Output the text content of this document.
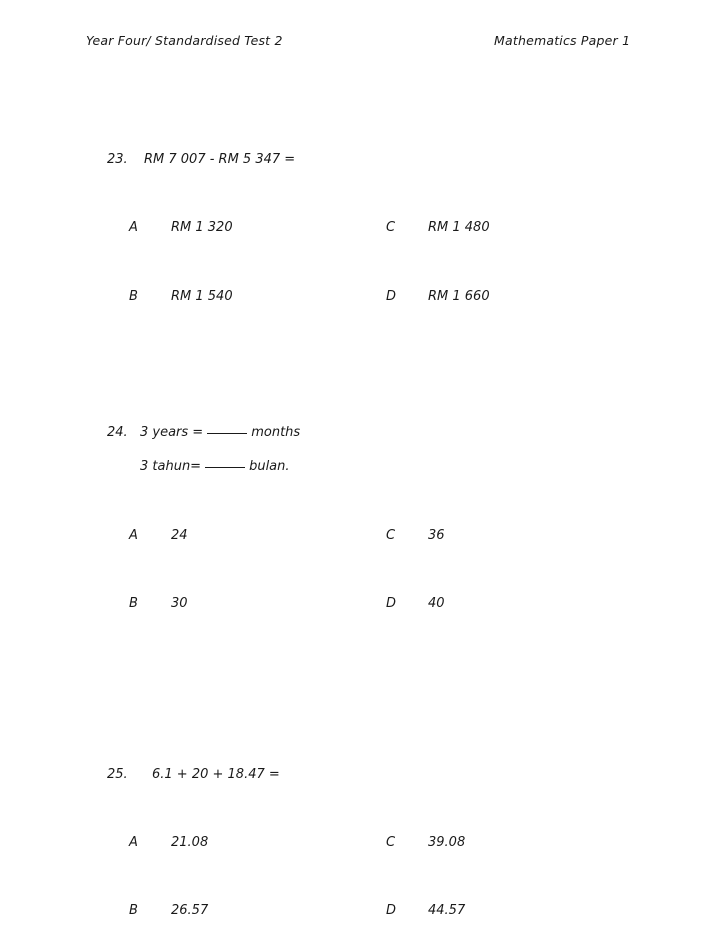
Year Four/ Standardised Test 2	Mathematics Paper 1
23. RM 7 007 - RM 5 347 =
A	RM 1 320	C	RM 1 480
B	RM 1 540	D RM 1 660
24. 3 years =	months
3 tahun=	bulan.
A	24	C	36
B	30	D 40
25. 6.1 + 20 + 18.47 =
A	21.08	C	39.08
B	26.57	D 44.57
